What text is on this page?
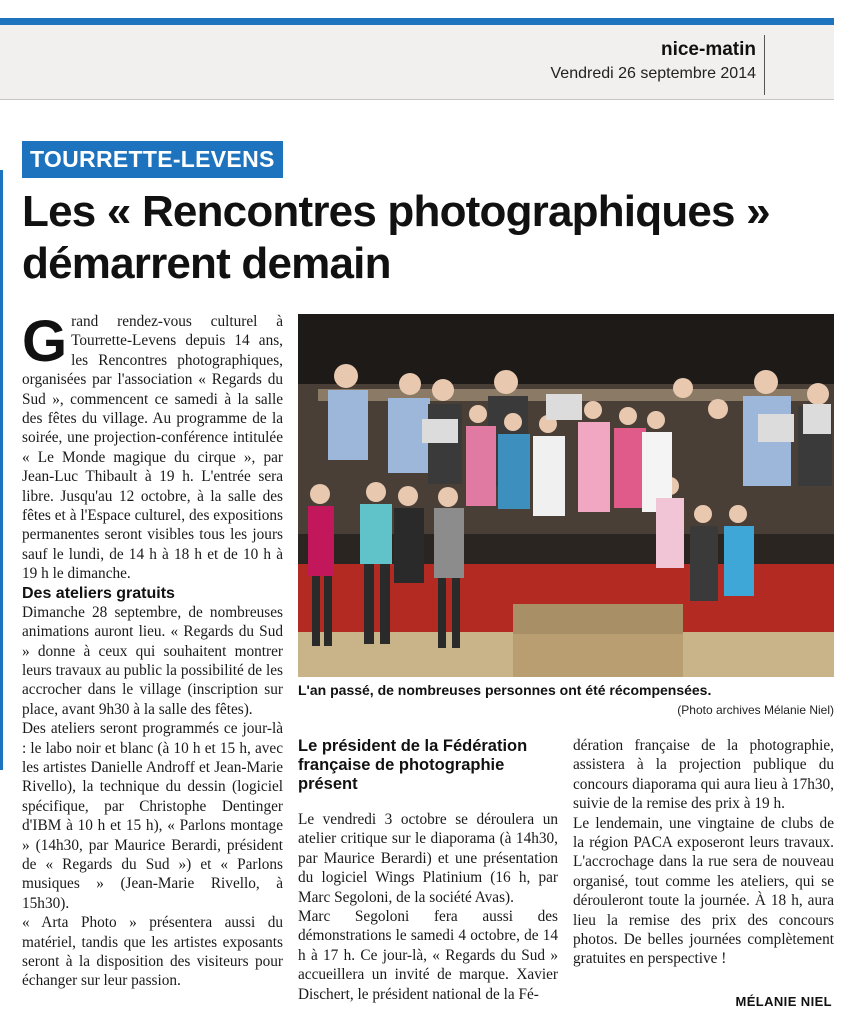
nice-matin
Vendredi 26 septembre 2014
TOURRETTE-LEVENS
Les « Rencontres photographiques » démarrent demain
G rand rendez-vous culturel à Tourrette-Levens depuis 14 ans, les Rencontres photographiques, organisées par l'association « Regards du Sud », commencent ce samedi à la salle des fêtes du village. Au programme de la soirée, une projection-conférence intitulée « Le Monde magique du cirque », par Jean-Luc Thibault à 19 h. L'entrée sera libre. Jusqu'au 12 octobre, à la salle des fêtes et à l'Espace culturel, des expositions permanentes seront visibles tous les jours sauf le lundi, de 14 h à 18 h et de 10 h à 19 h le dimanche.

Des ateliers gratuits

Dimanche 28 septembre, de nombreuses animations auront lieu. « Regards du Sud » donne à ceux qui souhaitent montrer leurs travaux au public la possibilité de les accrocher dans le village (inscription sur place, avant 9h30 à la salle des fêtes).

Des ateliers seront programmés ce jour-là : le labo noir et blanc (à 10 h et 15 h, avec les artistes Danielle Androff et Jean-Marie Rivello), la technique du dessin (logiciel spécifique, par Christophe Dentinger d'IBM à 10 h et 15 h), « Parlons montage » (14h30, par Maurice Berardi, président de « Regards du Sud ») et « Parlons musiques » (Jean-Marie Rivello, à 15h30).

« Arta Photo » présentera aussi du matériel, tandis que les artistes exposants seront à la disposition des visiteurs pour échanger sur leur passion.

L'an passé, de nombreuses personnes ont été récompensées.
(Photo archives Mélanie Niel)
Le président de la Fédération française de photographie présent

Le vendredi 3 octobre se déroulera un atelier critique sur le diaporama (à 14h30, par Maurice Berardi) et une présentation du logiciel Wings Platinium (16 h, par Marc Segoloni, de la société Avas).

Marc Segoloni fera aussi des démonstrations le samedi 4 octobre, de 14 h à 17 h. Ce jour-là, « Regards du Sud » accueillera un invité de marque. Xavier Dischert, le président national de la Fé-

dération française de la photographie, assistera à la projection publique du concours diaporama qui aura lieu à 17h30, suivie de la remise des prix à 19 h.

Le lendemain, une vingtaine de clubs de la région PACA exposeront leurs travaux. L'accrochage dans la rue sera de nouveau organisé, tout comme les ateliers, qui se dérouleront toute la journée. À 18 h, aura lieu la remise des prix des concours photos. De belles journées complètement gratuites en perspective !

MÉLANIE NIEL
